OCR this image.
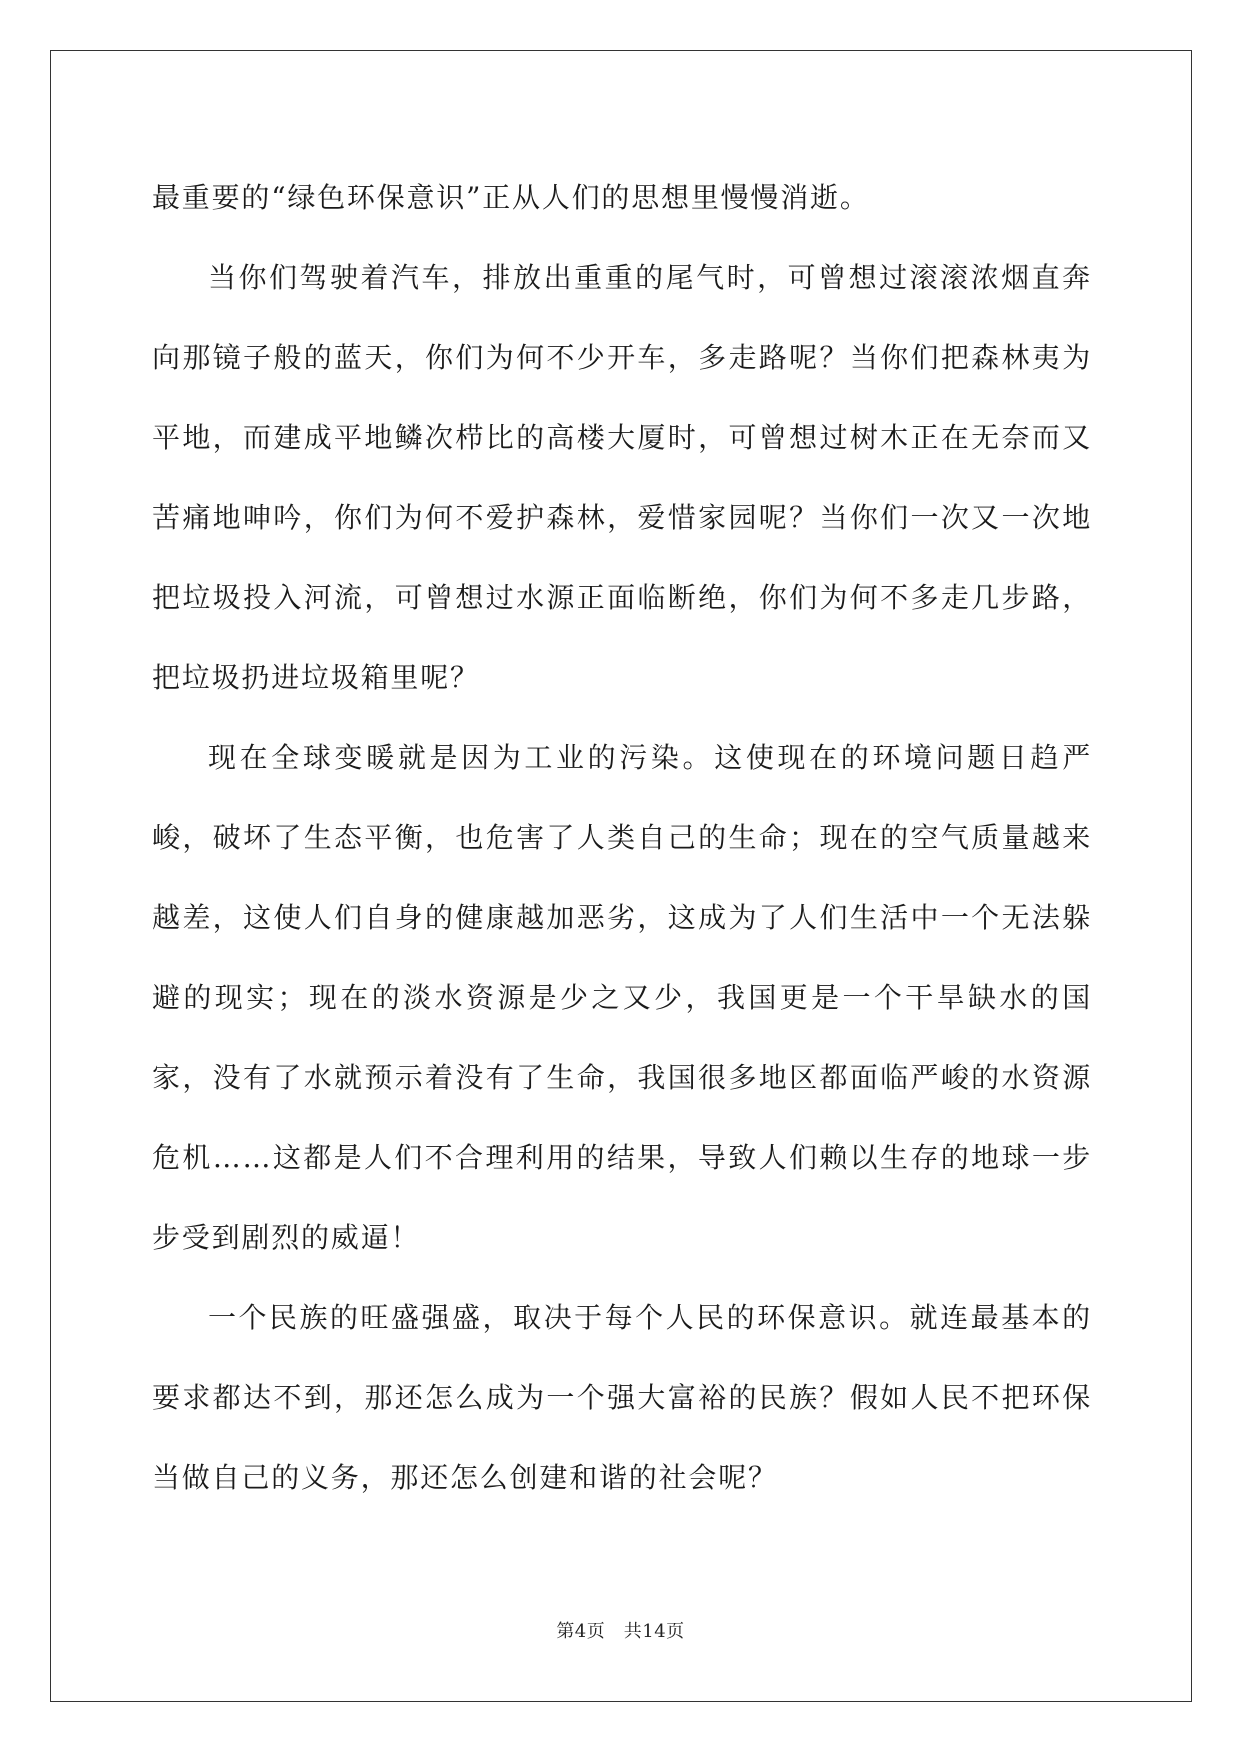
最重要的“绿色环保意识”正从人们的思想里慢慢消逝。

当你们驾驶着汽车，排放出重重的尾气时，可曾想过滚滚浓烟直奔向那镜子般的蓝天，你们为何不少开车，多走路呢？当你们把森林夷为平地，而建成平地鳞次栉比的高楼大厦时，可曾想过树木正在无奈而又苦痛地呻吟，你们为何不爱护森林，爱惜家园呢？当你们一次又一次地把垃圾投入河流，可曾想过水源正面临断绝，你们为何不多走几步路，把垃圾扔进垃圾箱里呢？

现在全球变暖就是因为工业的污染。这使现在的环境问题日趋严峻，破坏了生态平衡，也危害了人类自己的生命；现在的空气质量越来越差，这使人们自身的健康越加恶劣，这成为了人们生活中一个无法躲避的现实；现在的淡水资源是少之又少，我国更是一个干旱缺水的国家，没有了水就预示着没有了生命，我国很多地区都面临严峻的水资源危机……这都是人们不合理利用的结果，导致人们赖以生存的地球一步步受到剧烈的威逼！

一个民族的旺盛强盛，取决于每个人民的环保意识。就连最基本的要求都达不到，那还怎么成为一个强大富裕的民族？假如人民不把环保当做自己的义务，那还怎么创建和谐的社会呢？

第4页　共14页
